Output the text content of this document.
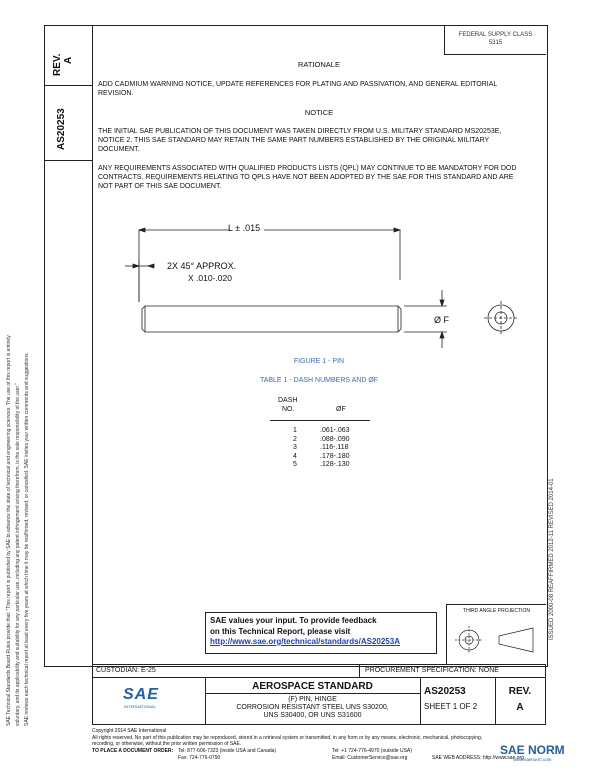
REV. A
AS20253
SAE Technical Standards Board Rules provide that: "This report is published by SAE to advance the state of technical and engineering sciences. The use of this report is entirely voluntary, and its applicability and suitability for any particular use, including any patent infringement arising therefrom, is the sole responsibility of the user." SAE reviews each technical report at least every five years at which time it may be reaffirmed, revised, or cancelled. SAE invites your written comments and suggestions.	ISSUED 2000-08 REAFFIRMED 2012-11 REVISED 2014-01
FEDERAL SUPPLY CLASS
5315
RATIONALE
ADD CADMIUM WARNING NOTICE, UPDATE REFERENCES FOR PLATING AND PASSIVATION, AND GENERAL EDITORIAL REVISION.
NOTICE
THE INITIAL SAE PUBLICATION OF THIS DOCUMENT WAS TAKEN DIRECTLY FROM U.S. MILITARY STANDARD MS20253E, NOTICE 2. THIS SAE STANDARD MAY RETAIN THE SAME PART NUMBERS ESTABLISHED BY THE ORIGINAL MILITARY DOCUMENT.
ANY REQUIREMENTS ASSOCIATED WITH QUALIFIED PRODUCTS LISTS (QPL) MAY CONTINUE TO BE MANDATORY FOR DOD CONTRACTS. REQUIREMENTS RELATING TO QPLS HAVE NOT BEEN ADOPTED BY THE SAE FOR THIS STANDARD AND ARE NOT PART OF THIS SAE DOCUMENT.
L ± .015
2X 45° APPROX.
X .010-.020
Ø F
FIGURE 1 - PIN
TABLE 1 - DASH NUMBERS AND ØF
DASH
NO.	ØF
1	.061-.063
2	.088-.090
3	.116-.118
4	.178-.180
5	.128-.130
SAE values your input. To provide feedback
on this Technical Report, please visit
http://www.sae.org/technical/standards/AS20253A
THIRD ANGLE PROJECTION
CUSTODIAN: E-25	PROCUREMENT SPECIFICATION: NONE
SAE
INTERNATIONAL
AEROSPACE STANDARD
(F) PIN, HINGE
CORROSION RESISTANT STEEL UNS S30200,
UNS S30400, OR UNS S31600
AS20253
SHEET 1 OF 2
REV.
A
Copyright 2014 SAE International
All rights reserved. No part of this publication may be reproduced, stored in a retrieval system or transmitted, in any form or by any means, electronic, mechanical, photocopying,
recording, or otherwise, without the prior written permission of SAE.
TO PLACE A DOCUMENT ORDER: Tel: 877-606-7323 (inside USA and Canada)	Tel: +1 724-776-4970 (outside USA)
Fax: 724-776-0790	Email: CustomerService@sae.org	SAE WEB ADDRESS: http://www.sae.org
SAE NORM
www.saenorm.com
